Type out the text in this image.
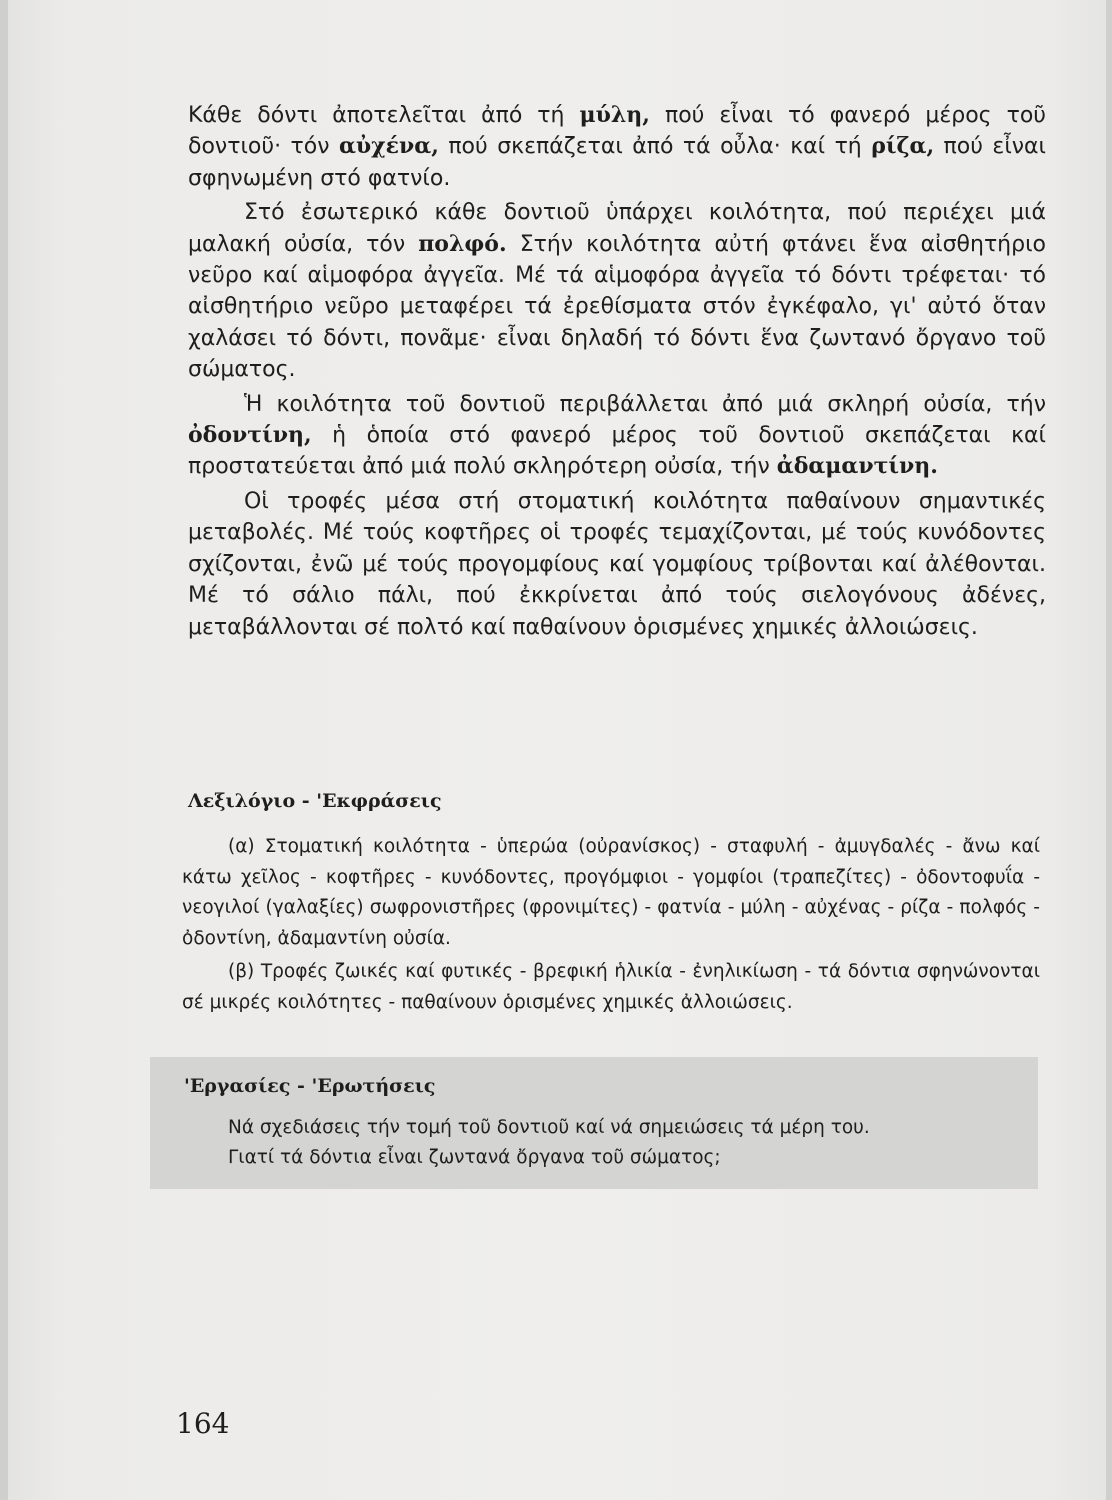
Κάθε δόντι ἀποτελεῖται ἀπό τή μύλη, πού εἶναι τό φανερό μέρος τοῦ δοντιοῦ· τόν αὐχένα, πού σκεπάζεται ἀπό τά οὖλα· καί τή ρίζα, πού εἶναι σφηνωμένη στό φατνίο.

Στό ἐσωτερικό κάθε δοντιοῦ ὑπάρχει κοιλότητα, πού περιέχει μιά μαλακή οὐσία, τόν πολφό. Στήν κοιλότητα αὐτή φτάνει ἕνα αἰσθητήριο νεῦρο καί αἱμοφόρα ἀγγεῖα. Μέ τά αἱμοφόρα ἀγγεῖα τό δόντι τρέφεται· τό αἰσθητήριο νεῦρο μεταφέρει τά ἐρεθίσματα στόν ἐγκέφαλο, γι' αὐτό ὅταν χαλάσει τό δόντι, πονᾶμε· εἶναι δηλαδή τό δόντι ἕνα ζωντανό ὄργανο τοῦ σώματος.

Ἡ κοιλότητα τοῦ δοντιοῦ περιβάλλεται ἀπό μιά σκληρή οὐσία, τήν ὀδοντίνη, ἡ ὁποία στό φανερό μέρος τοῦ δοντιοῦ σκεπάζεται καί προστατεύεται ἀπό μιά πολύ σκληρότερη οὐσία, τήν ἀδαμαντίνη.

Οἱ τροφές μέσα στή στοματική κοιλότητα παθαίνουν σημαντικές μεταβολές. Μέ τούς κοφτῆρες οἱ τροφές τεμαχίζονται, μέ τούς κυνόδοντες σχίζονται, ἐνῶ μέ τούς προγομφίους καί γομφίους τρίβονται καί ἀλέθονται. Μέ τό σάλιο πάλι, πού ἐκκρίνεται ἀπό τούς σιελογόνους ἀδένες, μεταβάλλονται σέ πολτό καί παθαίνουν ὁρισμένες χημικές ἀλλοιώσεις.

Λεξιλόγιο - 'Εκφράσεις

(α) Στοματική κοιλότητα - ὑπερώα (οὐρανίσκος) - σταφυλή - ἀμυγδαλές - ἄνω καί κάτω χεῖλος - κοφτῆρες - κυνόδοντες, προγόμφιοι - γομφίοι (τραπεζίτες) - ὀδοντοφυΐα - νεογιλοί (γαλαξίες) σωφρονιστῆρες (φρονιμίτες) - φατνία - μύλη - αὐχένας - ρίζα - πολφός - ὀδοντίνη, ἀδαμαντίνη οὐσία.

(β) Τροφές ζωικές καί φυτικές - βρεφική ἡλικία - ἐνηλικίωση - τά δόντια σφηνώνονται σέ μικρές κοιλότητες - παθαίνουν ὁρισμένες χημικές ἀλλοιώσεις.

'Εργασίες - 'Ερωτήσεις
Νά σχεδιάσεις τήν τομή τοῦ δοντιοῦ καί νά σημειώσεις τά μέρη του.
Γιατί τά δόντια εἶναι ζωντανά ὄργανα τοῦ σώματος;
164
